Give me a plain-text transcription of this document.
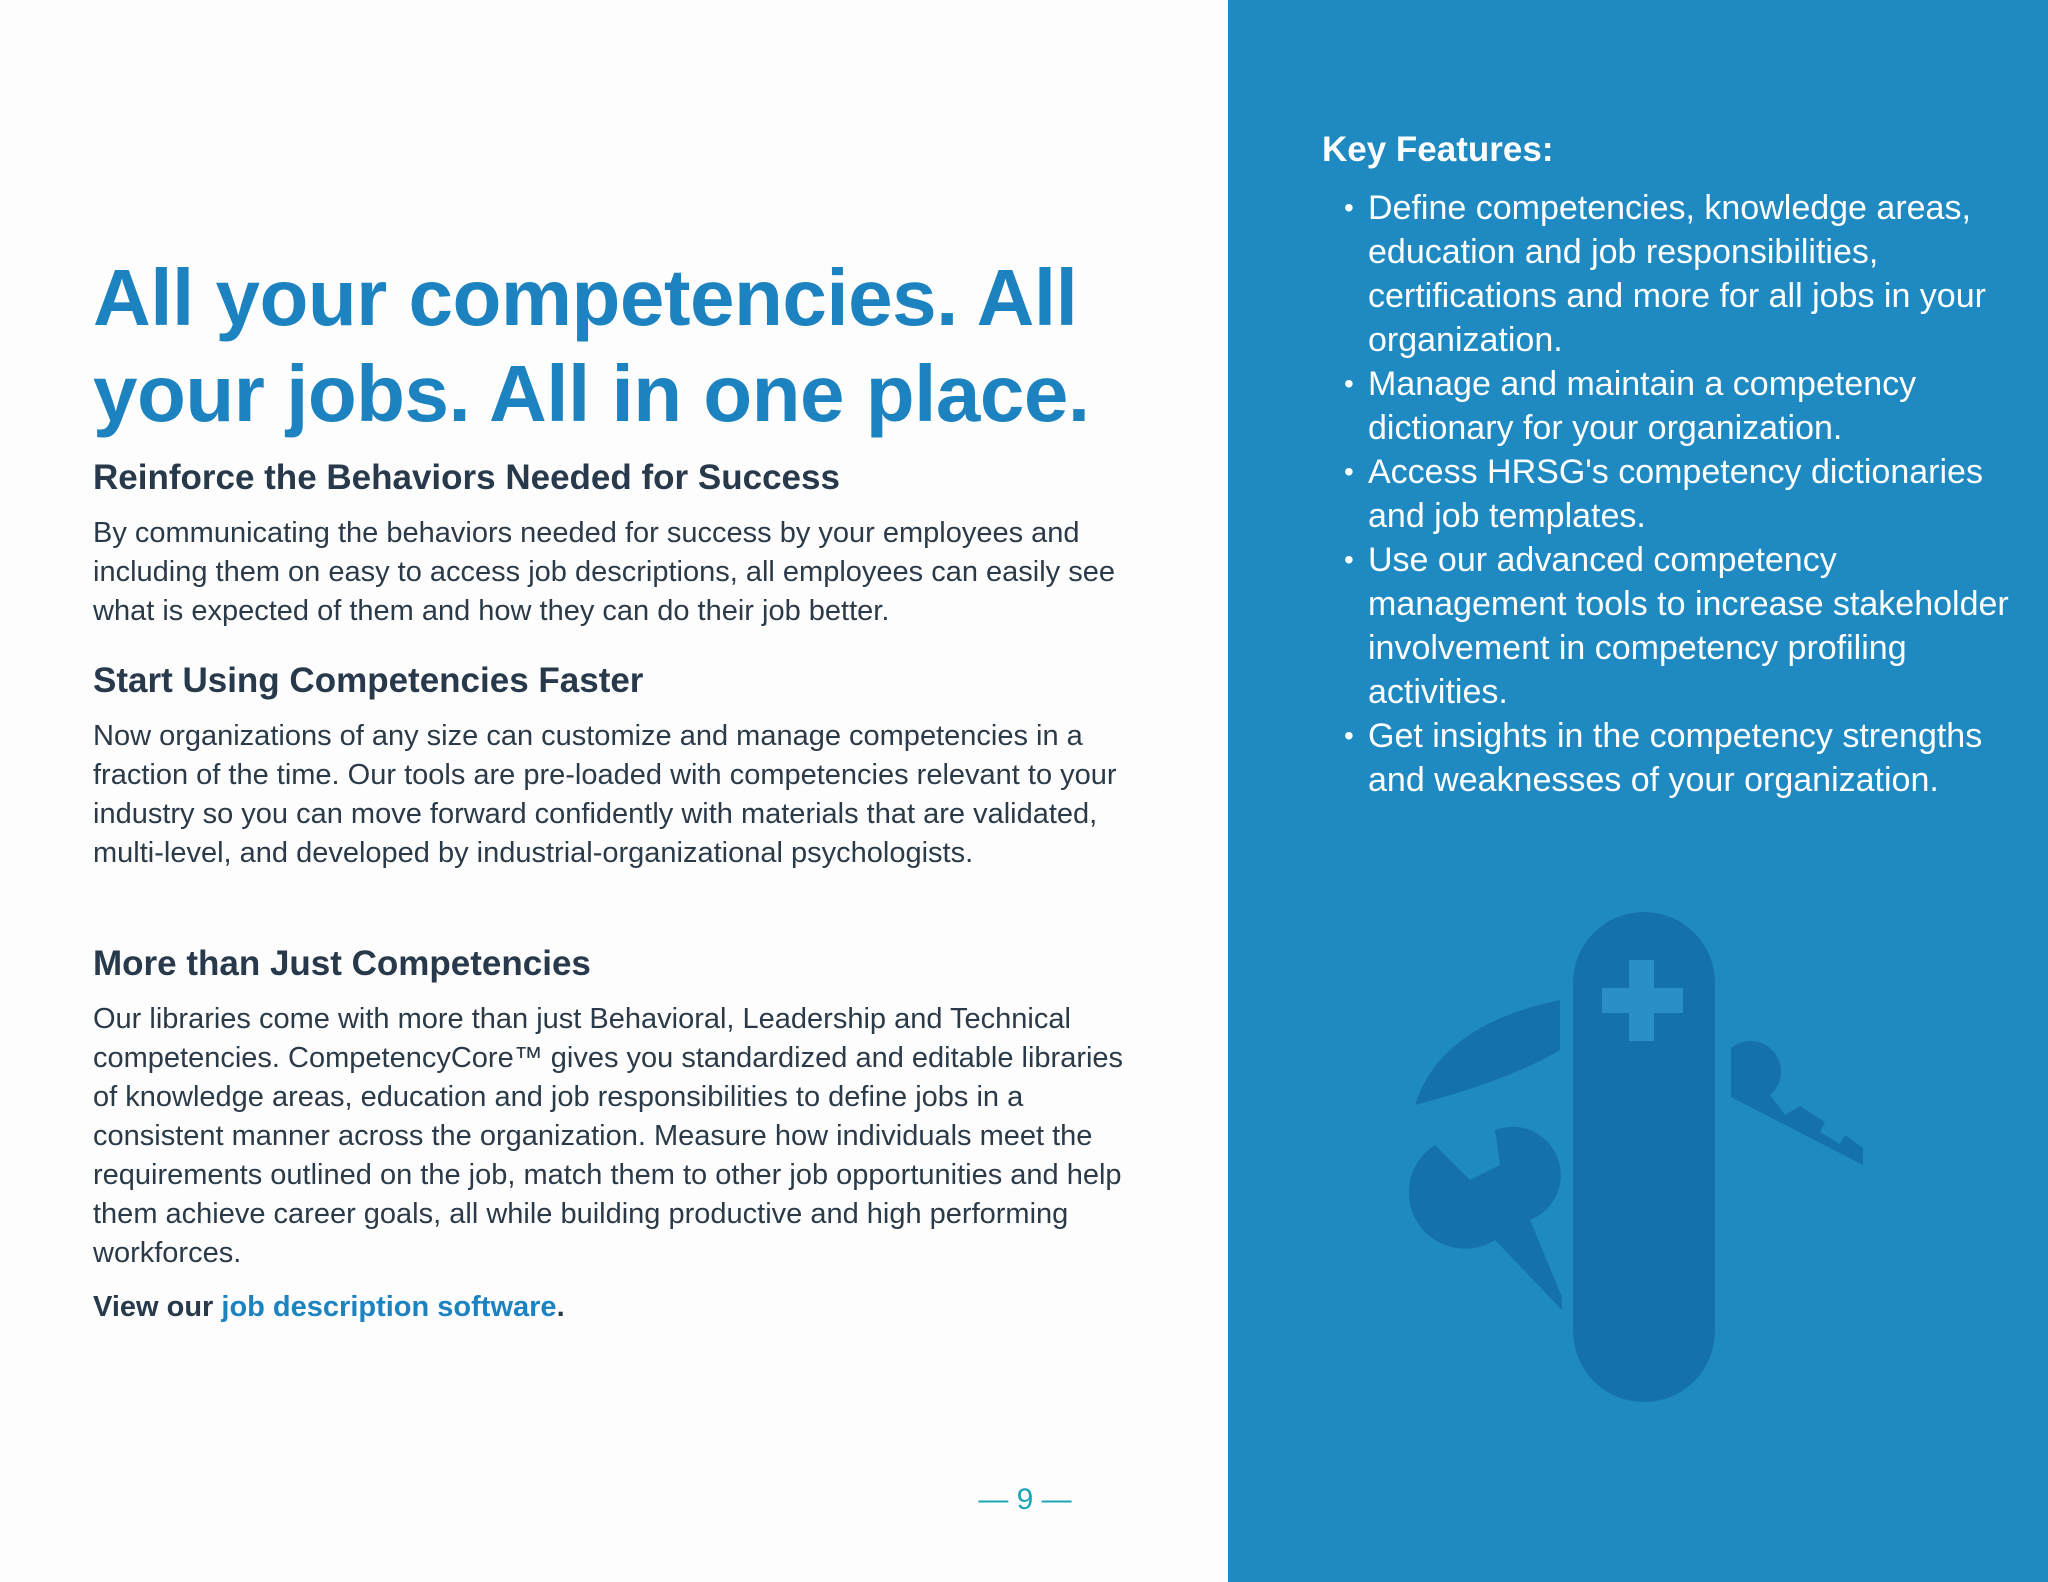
All your competencies. All your jobs. All in one place.
Reinforce the Behaviors Needed for Success

By communicating the behaviors needed for success by your employees and including them on easy to access job descriptions, all employees can easily see what is expected of them and how they can do their job better.

Start Using Competencies Faster

Now organizations of any size can customize and manage competencies in a fraction of the time. Our tools are pre-loaded with competencies relevant to your industry so you can move forward confidently with materials that are validated, multi-level, and developed by industrial-organizational psychologists.

More than Just Competencies

Our libraries come with more than just Behavioral, Leadership and Technical competencies. CompetencyCore™ gives you standardized and editable libraries of knowledge areas, education and job responsibilities to define jobs in a consistent manner across the organization. Measure how individuals meet the requirements outlined on the job, match them to other job opportunities and help them achieve career goals, all while building productive and high performing workforces.

View our job description software.
— 9 —
Key Features:
• Define competencies, knowledge areas, education and job responsibilities, certifications and more for all jobs in your organization.
• Manage and maintain a competency dictionary for your organization.
• Access HRSG's competency dictionaries and job templates.
• Use our advanced competency management tools to increase stakeholder involvement in competency profiling activities.
• Get insights in the competency strengths and weaknesses of your organization.
